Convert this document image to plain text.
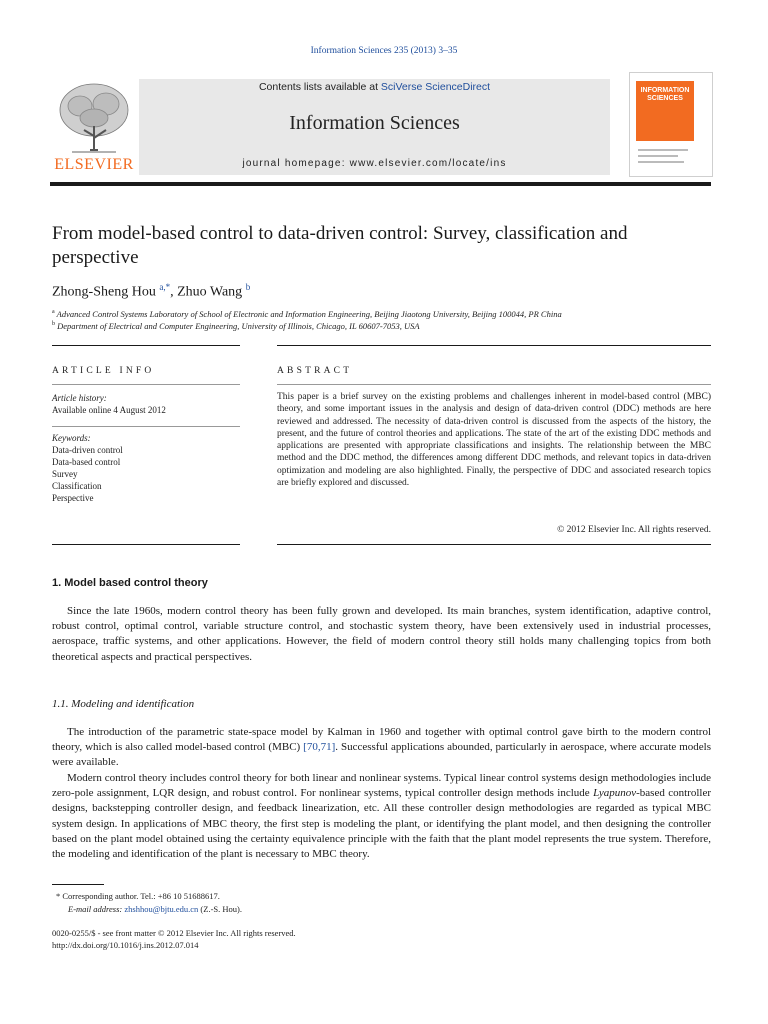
Information Sciences 235 (2013) 3–35
Contents lists available at SciVerse ScienceDirect
Information Sciences
journal homepage: www.elsevier.com/locate/ins
ELSEVIER
INFORMATION SCIENCES
From model-based control to data-driven control: Survey, classification and perspective
Zhong-Sheng Hou $^{a,*}$, Zhuo Wang $^b$
$^a$ Advanced Control Systems Laboratory of School of Electronic and Information Engineering, Beijing Jiaotong University, Beijing 100044, PR China
$^b$ Department of Electrical and Computer Engineering, University of Illinois, Chicago, IL 60607-7053, USA
ARTICLE INFO
Article history:
Available online 4 August 2012
Keywords:
Data-driven control
Data-based control
Survey
Classification
Perspective
ABSTRACT
This paper is a brief survey on the existing problems and challenges inherent in model-based control (MBC) theory, and some important issues in the analysis and design of data-driven control (DDC) methods are here reviewed and addressed. The necessity of data-driven control is discussed from the aspects of the history, the present, and the future of control theories and applications. The state of the art of the existing DDC methods and applications are presented with appropriate classifications and insights. The relationship between the MBC method and the DDC method, the differences among different DDC methods, and relevant topics in data-driven optimization and modeling are also highlighted. Finally, the perspective of DDC and associated research topics are briefly explored and discussed.
© 2012 Elsevier Inc. All rights reserved.
1. Model based control theory
Since the late 1960s, modern control theory has been fully grown and developed. Its main branches, system identification, adaptive control, robust control, optimal control, variable structure control, and stochastic system theory, have been extensively used in industrial processes, aerospace, traffic systems, and other applications. However, the field of modern control theory still holds many challenging topics from both theoretical aspects and practical perspectives.
1.1. Modeling and identification
The introduction of the parametric state-space model by Kalman in 1960 and together with optimal control gave birth to the modern control theory, which is also called model-based control (MBC) [70,71]. Successful applications abounded, particularly in aerospace, where accurate models were available.
Modern control theory includes control theory for both linear and nonlinear systems. Typical linear control systems design methodologies include zero-pole assignment, LQR design, and robust control. For nonlinear systems, typical controller design methods include Lyapunov-based controller designs, backstepping controller design, and feedback linearization, etc. All these controller design methodologies are regarded as typical MBC system design. In applications of MBC theory, the first step is modeling the plant, or identifying the plant model, and then designing the controller based on the plant model obtained using the certainty equivalence principle with the faith that the plant model represents the true system. Therefore, the modeling and identification of the plant is necessary to MBC theory.
* Corresponding author. Tel.: +86 10 51688617.
E-mail address: zhshhou@bjtu.edu.cn (Z.-S. Hou).
0020-0255/$ - see front matter © 2012 Elsevier Inc. All rights reserved.
http://dx.doi.org/10.1016/j.ins.2012.07.014
